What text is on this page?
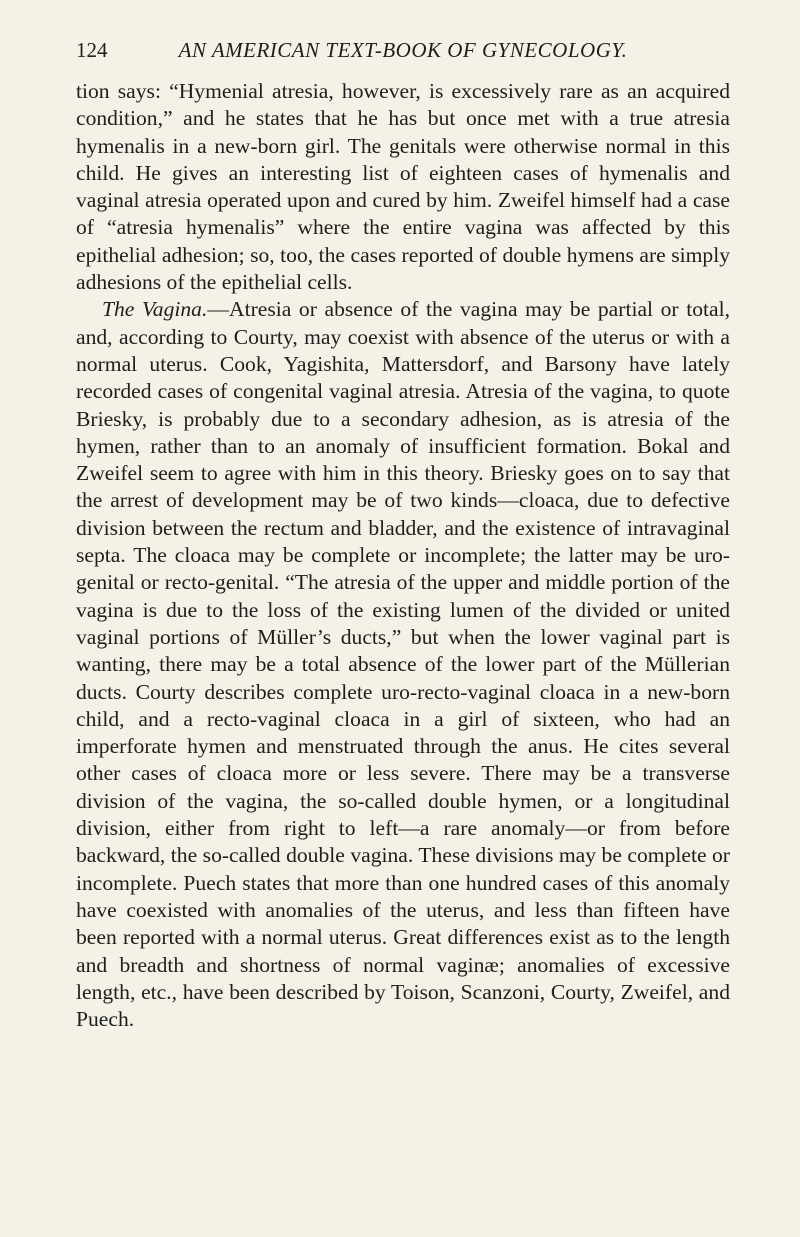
124	AN AMERICAN TEXT-BOOK OF GYNECOLOGY.

tion says: “Hymenial atresia, however, is excessively rare as an acquired condition,” and he states that he has but once met with a true atresia hymenalis in a new-born girl. The genitals were otherwise normal in this child. He gives an interesting list of eighteen cases of hymenalis and vaginal atresia operated upon and cured by him. Zweifel himself had a case of “atresia hymenalis” where the entire vagina was affected by this epithelial adhesion; so, too, the cases reported of double hymens are simply adhesions of the epithelial cells.

The Vagina.—Atresia or absence of the vagina may be partial or total, and, according to Courty, may coexist with absence of the uterus or with a normal uterus. Cook, Yagishita, Mattersdorf, and Barsony have lately recorded cases of congenital vaginal atresia. Atresia of the vagina, to quote Briesky, is probably due to a secondary adhesion, as is atresia of the hymen, rather than to an anomaly of insufficient formation. Bokal and Zweifel seem to agree with him in this theory. Briesky goes on to say that the arrest of development may be of two kinds—cloaca, due to defective division between the rectum and bladder, and the existence of intravaginal septa. The cloaca may be complete or incomplete; the latter may be uro-genital or recto-genital. “The atresia of the upper and middle portion of the vagina is due to the loss of the existing lumen of the divided or united vaginal portions of Müller’s ducts,” but when the lower vaginal part is wanting, there may be a total absence of the lower part of the Müllerian ducts. Courty describes complete uro-recto-vaginal cloaca in a new-born child, and a recto-vaginal cloaca in a girl of sixteen, who had an imperforate hymen and menstruated through the anus. He cites several other cases of cloaca more or less severe. There may be a transverse division of the vagina, the so-called double hymen, or a longitudinal division, either from right to left—a rare anomaly—or from before backward, the so-called double vagina. These divisions may be complete or incomplete. Puech states that more than one hundred cases of this anomaly have coexisted with anomalies of the uterus, and less than fifteen have been reported with a normal uterus. Great differences exist as to the length and breadth and shortness of normal vaginæ; anomalies of excessive length, etc., have been described by Toison, Scanzoni, Courty, Zweifel, and Puech.
